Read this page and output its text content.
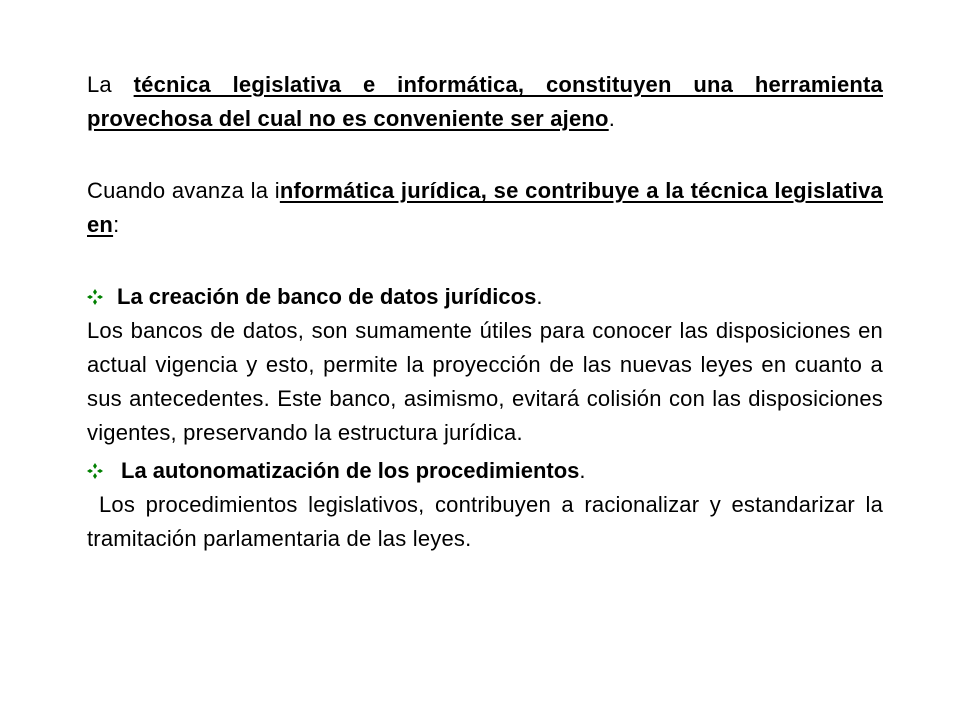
La técnica legislativa e informática, constituyen una herramienta provechosa del cual no es conveniente ser ajeno.

Cuando avanza la informática jurídica, se contribuye a la técnica legislativa en:

La creación de banco de datos jurídicos.

Los bancos de datos, son sumamente útiles para conocer las disposiciones en actual vigencia y esto, permite la proyección de las nuevas leyes en cuanto a sus antecedentes. Este banco, asimismo, evitará colisión con las disposiciones vigentes, preservando la estructura jurídica.

La autonomatización de los procedimientos.

Los procedimientos legislativos, contribuyen a racionalizar y estandarizar la tramitación parlamentaria de las leyes.
